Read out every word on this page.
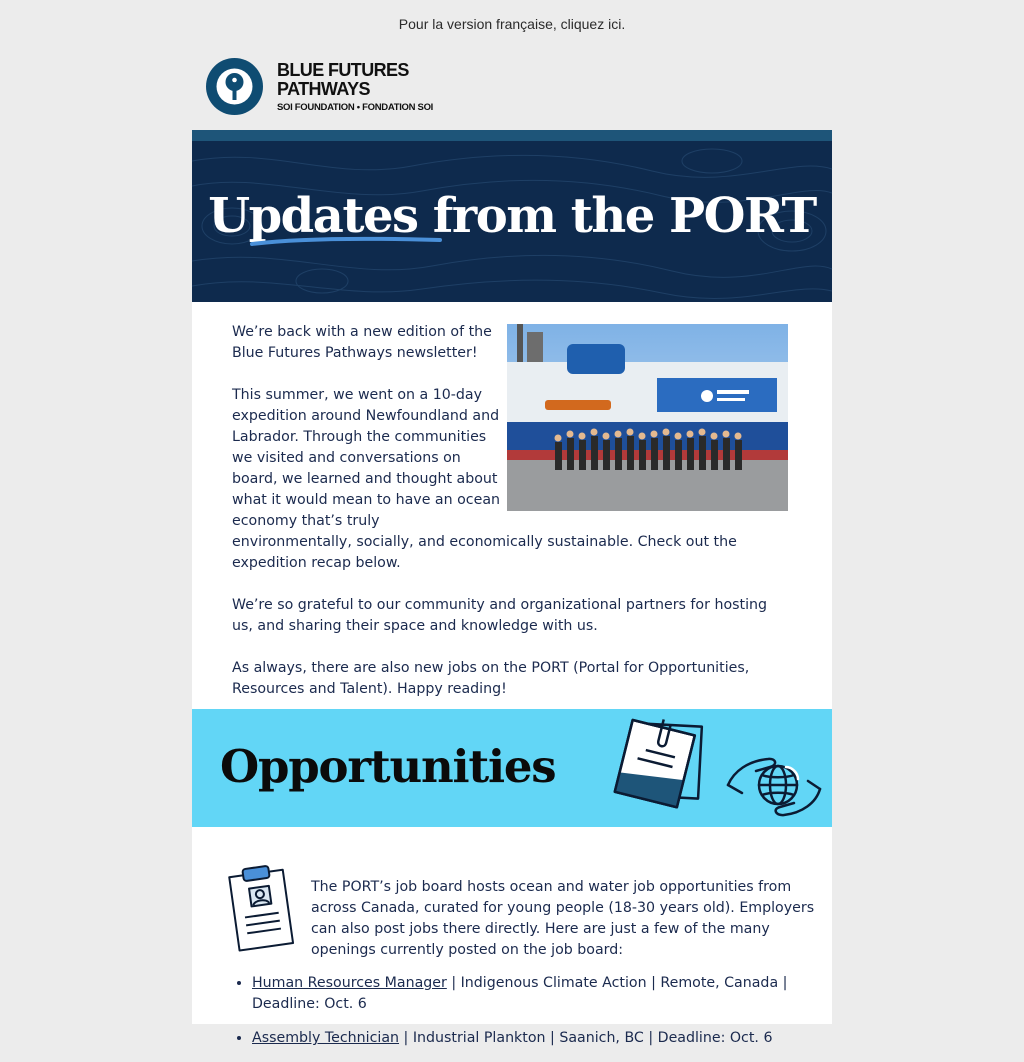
Pour la version française, cliquez ici.
BLUE FUTURES
PATHWAYS
SOI FOUNDATION • FONDATION SOI
Updates from the PORT

We’re back with a new edition of the Blue Futures Pathways newsletter!

This summer, we went on a 10-day expedition around Newfoundland and Labrador. Through the communities we visited and conversations on board, we learned and thought about what it would mean to have an ocean economy that’s truly environmentally, socially, and economically sustainable. Check out the expedition recap below.

We’re so grateful to our community and organizational partners for hosting us, and sharing their space and knowledge with us.

As always, there are also new jobs on the PORT (Portal for Opportunities, Resources and Talent). Happy reading!

Opportunities

The PORT’s job board hosts ocean and water job opportunities from across Canada, curated for young people (18-30 years old). Employers can also post jobs there directly. Here are just a few of the many openings currently posted on the job board:

• Human Resources Manager | Indigenous Climate Action | Remote, Canada | Deadline: Oct. 6
• Assembly Technician | Industrial Plankton | Saanich, BC | Deadline: Oct. 6
